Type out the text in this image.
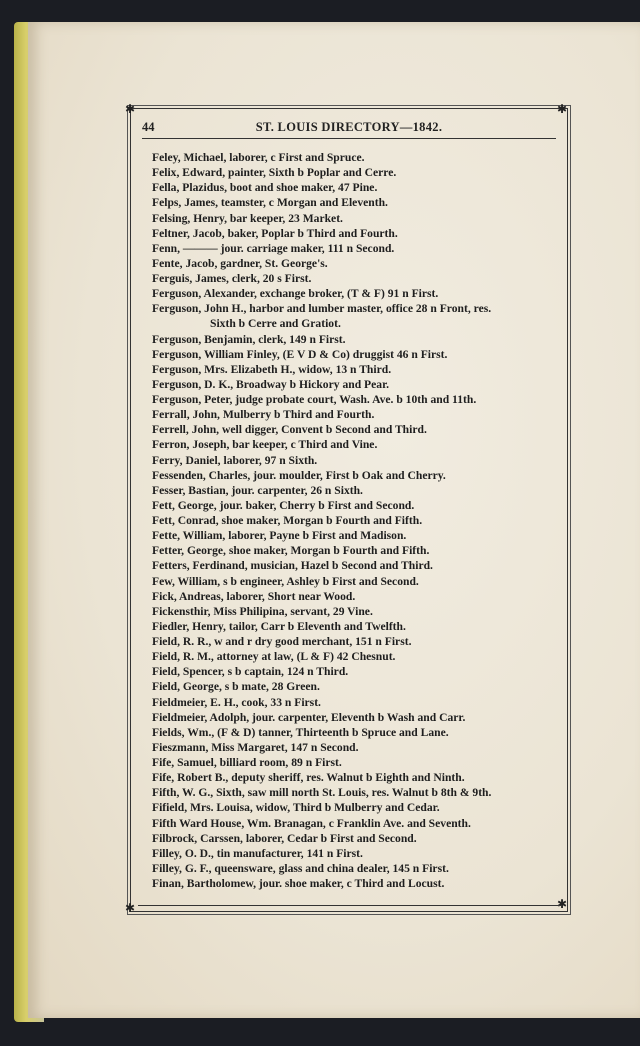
✱	✱
✱	✱
44	ST. LOUIS DIRECTORY—1842.
Feley, Michael, laborer, c First and Spruce.
Felix, Edward, painter, Sixth b Poplar and Cerre.
Fella, Plazidus, boot and shoe maker, 47 Pine.
Felps, James, teamster, c Morgan and Eleventh.
Felsing, Henry, bar keeper, 23 Market.
Feltner, Jacob, baker, Poplar b Third and Fourth.
Fenn, ——— jour. carriage maker, 111 n Second.
Fente, Jacob, gardner, St. George's.
Ferguis, James, clerk, 20 s First.
Ferguson, Alexander, exchange broker, (T & F) 91 n First.
Ferguson, John H., harbor and lumber master, office 28 n Front, res.
Sixth b Cerre and Gratiot.
Ferguson, Benjamin, clerk, 149 n First.
Ferguson, William Finley, (E V D & Co) druggist 46 n First.
Ferguson, Mrs. Elizabeth H., widow, 13 n Third.
Ferguson, D. K., Broadway b Hickory and Pear.
Ferguson, Peter, judge probate court, Wash. Ave. b 10th and 11th.
Ferrall, John, Mulberry b Third and Fourth.
Ferrell, John, well digger, Convent b Second and Third.
Ferron, Joseph, bar keeper, c Third and Vine.
Ferry, Daniel, laborer, 97 n Sixth.
Fessenden, Charles, jour. moulder, First b Oak and Cherry.
Fesser, Bastian, jour. carpenter, 26 n Sixth.
Fett, George, jour. baker, Cherry b First and Second.
Fett, Conrad, shoe maker, Morgan b Fourth and Fifth.
Fette, William, laborer, Payne b First and Madison.
Fetter, George, shoe maker, Morgan b Fourth and Fifth.
Fetters, Ferdinand, musician, Hazel b Second and Third.
Few, William, s b engineer, Ashley b First and Second.
Fick, Andreas, laborer, Short near Wood.
Fickensthir, Miss Philipina, servant, 29 Vine.
Fiedler, Henry, tailor, Carr b Eleventh and Twelfth.
Field, R. R., w and r dry good merchant, 151 n First.
Field, R. M., attorney at law, (L & F) 42 Chesnut.
Field, Spencer, s b captain, 124 n Third.
Field, George, s b mate, 28 Green.
Fieldmeier, E. H., cook, 33 n First.
Fieldmeier, Adolph, jour. carpenter, Eleventh b Wash and Carr.
Fields, Wm., (F & D) tanner, Thirteenth b Spruce and Lane.
Fieszmann, Miss Margaret, 147 n Second.
Fife, Samuel, billiard room, 89 n First.
Fife, Robert B., deputy sheriff, res. Walnut b Eighth and Ninth.
Fifth, W. G., Sixth, saw mill north St. Louis, res. Walnut b 8th & 9th.
Fifield, Mrs. Louisa, widow, Third b Mulberry and Cedar.
Fifth Ward House, Wm. Branagan, c Franklin Ave. and Seventh.
Filbrock, Carssen, laborer, Cedar b First and Second.
Filley, O. D., tin manufacturer, 141 n First.
Filley, G. F., queensware, glass and china dealer, 145 n First.
Finan, Bartholomew, jour. shoe maker, c Third and Locust.
